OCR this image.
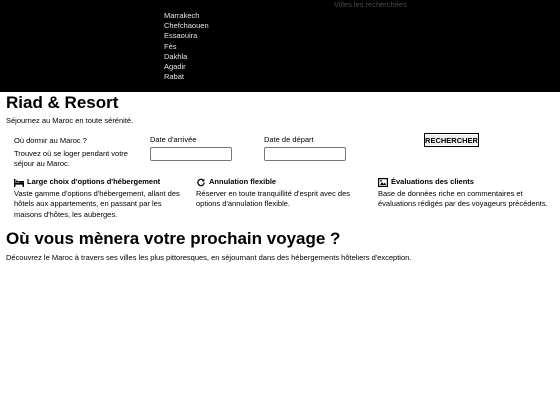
Marrakech
Chefchaouen
Essaouira
Fès
Dakhla
Agadir
Rabat
Villes les recherchées
Riad & Resort

Séjournez au Maroc en toute sérénité.

Où dormir au Maroc ?
Trouvez où se loger pendant votre séjour au Maroc.
Date d'arrivée	Date de départ	RECHERCHER
Large choix d'options d'hébergement

Vaste gamme d'options d'hébergement, allant des hôtels aux appartements, en passant par les maisons d'hôtes, les auberges.

Annulation flexible

Réserver en toute tranquillité d'esprit avec des options d'annulation flexible.

Évaluations des clients

Base de données riche en commentaires et évaluations rédigés par des voyageurs précédents.

Où vous mènera votre prochain voyage ?

Découvrez le Maroc à travers ses villes les plus pittoresques, en séjournant dans des hébergements hôteliers d'exception.
